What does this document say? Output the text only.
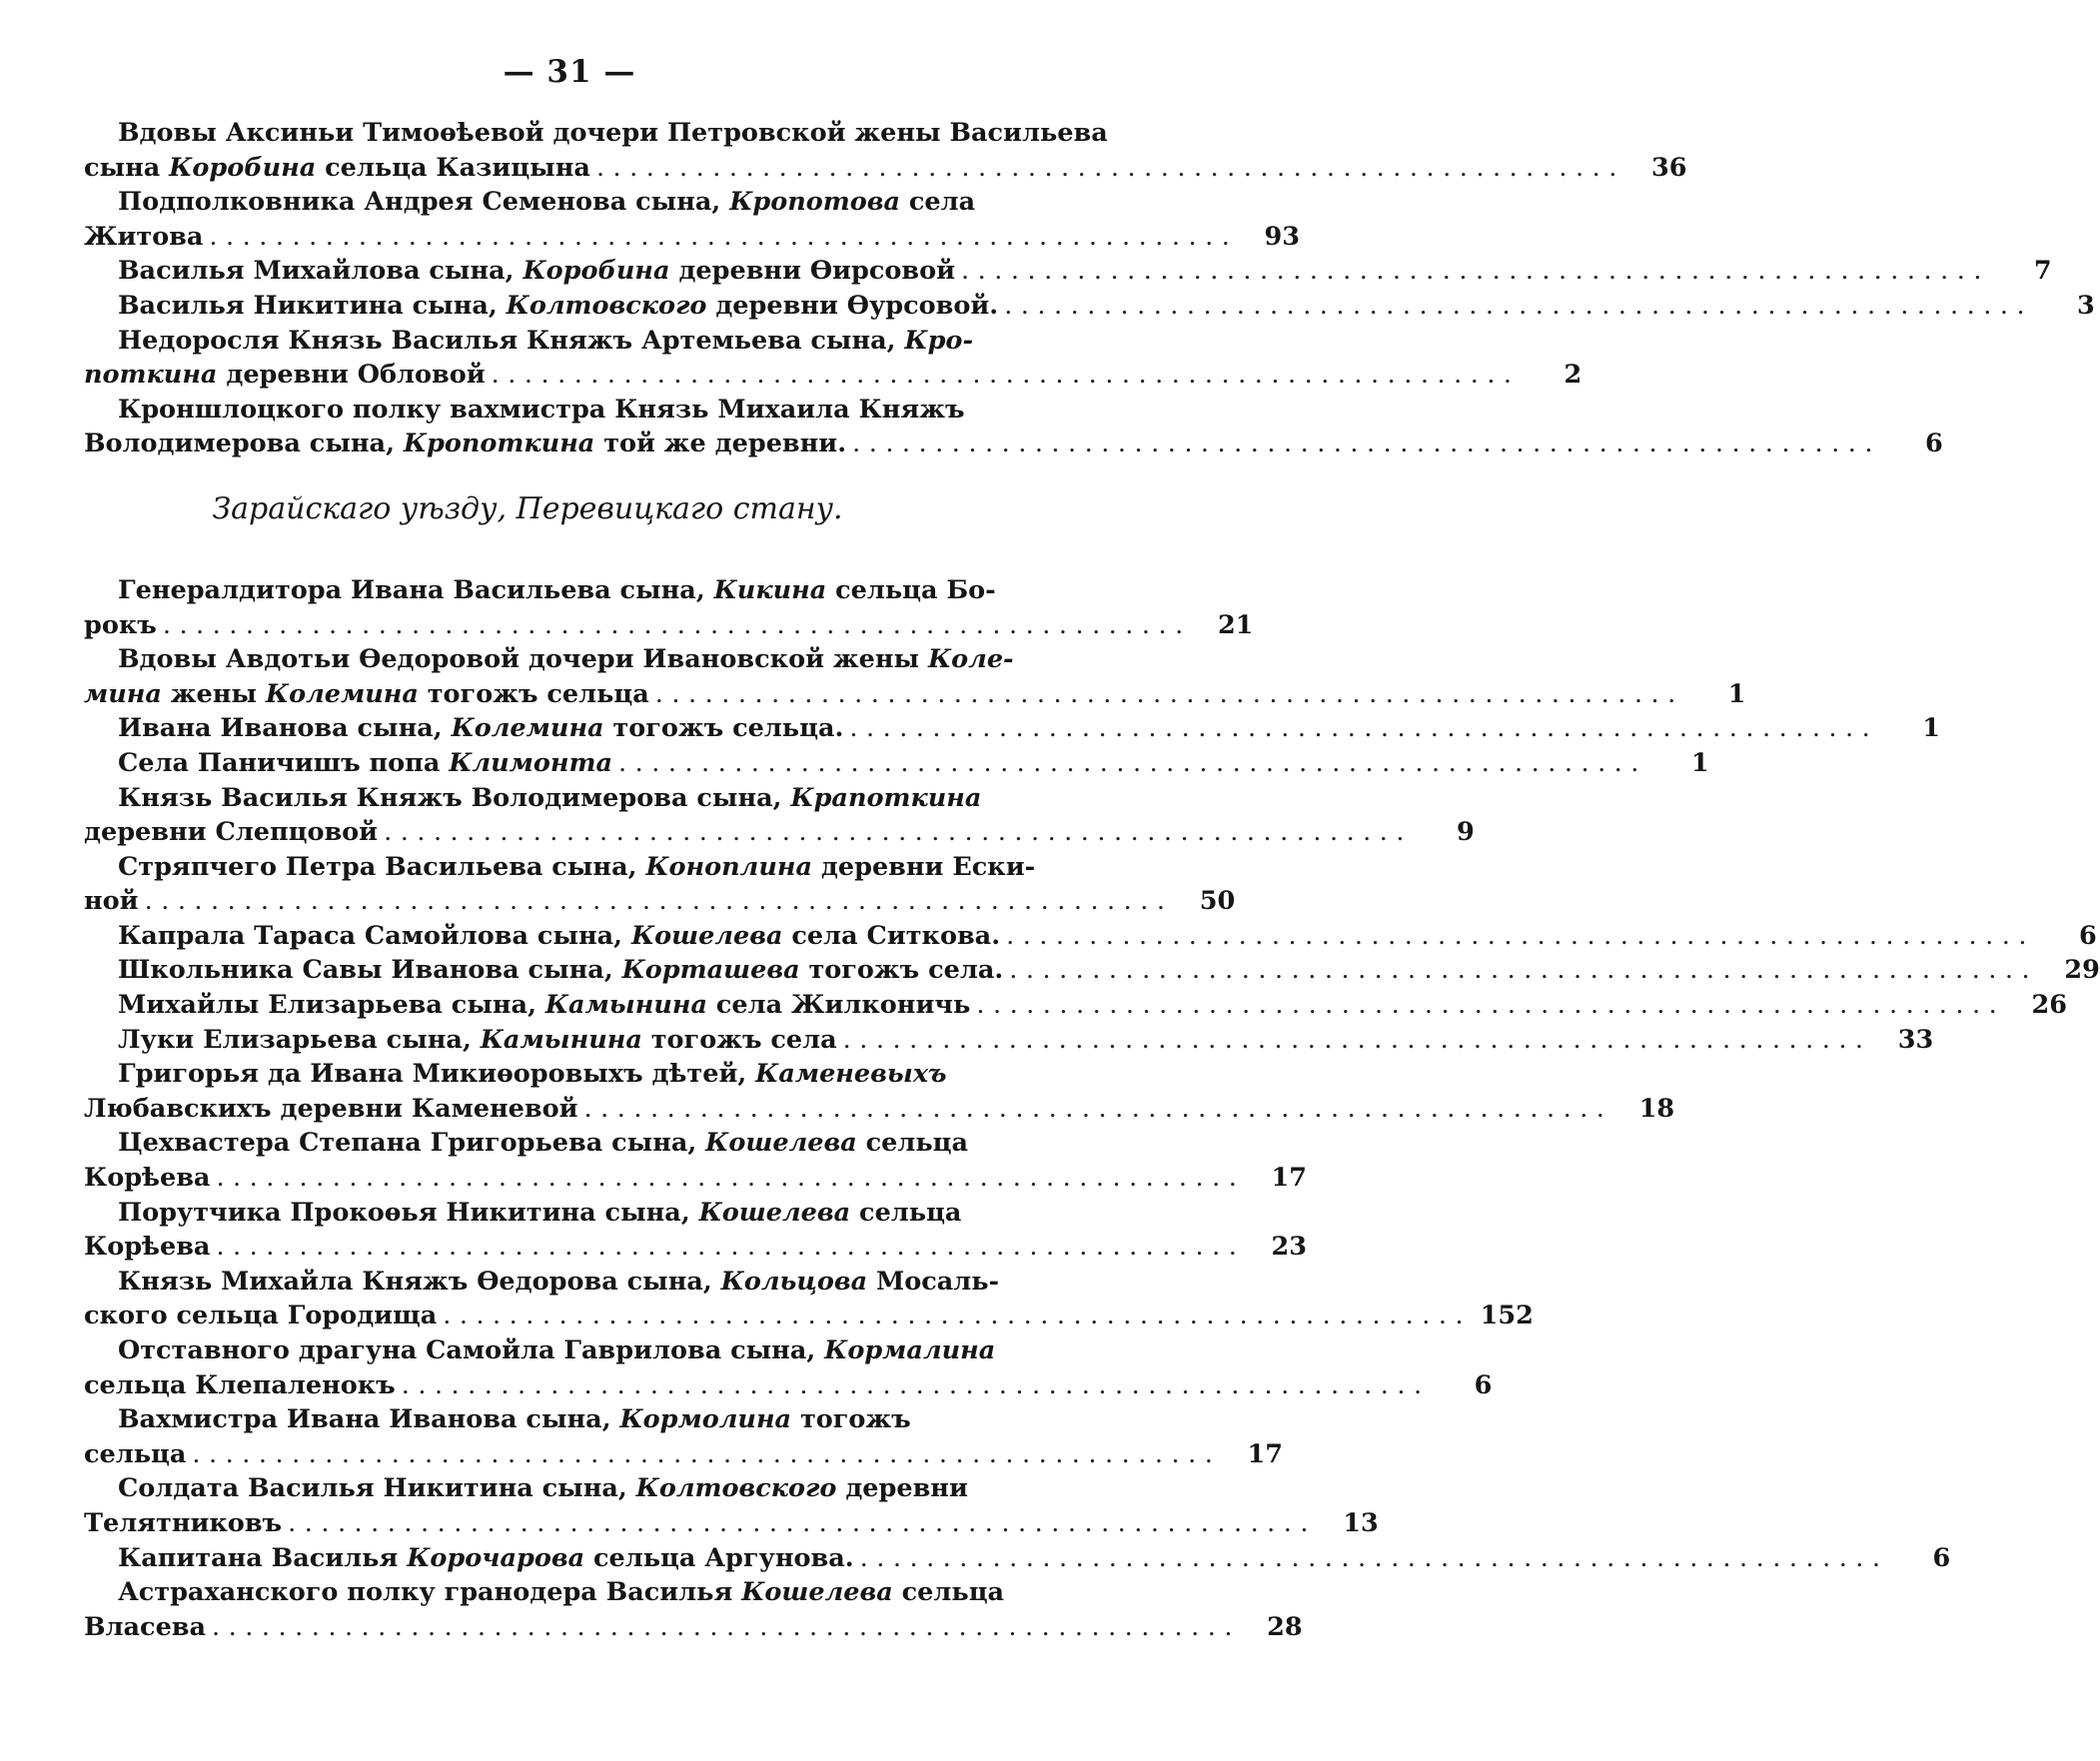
— 31 —
Вдовы Аксиньи Тимоѳѣевой дочери Петровской жены Васильева
сына Коробина сельца Казицына . . . . . . . . . . . . . . . . . . . . . . . . . . . . . . . . . . . . . . . . . . . . . . . . . . . . . . . . . . . . . .	36
Подполковника Андрея Семенова сына, Кропотова села
Житова . . . . . . . . . . . . . . . . . . . . . . . . . . . . . . . . . . . . . . . . . . . . . . . . . . . . . . . . . . . . . .	93
Василья Михайлова сына, Коробина деревни Ѳирсовой . . . . . . . . . . . . . . . . . . . . . . . . . . . . . . . . . . . . . . . . . . . . . . . . . . . . . . . . . . . . . .	7
Василья Никитина сына, Колтовского деревни Ѳурсовой. . . . . . . . . . . . . . . . . . . . . . . . . . . . . . . . . . . . . . . . . . . . . . . . . . . . . . . . . . . . . . .	3
Недоросля Князь Василья Княжъ Артемьева сына, Кро-
поткина деревни Обловой . . . . . . . . . . . . . . . . . . . . . . . . . . . . . . . . . . . . . . . . . . . . . . . . . . . . . . . . . . . . . .	2
Кроншлоцкого полку вахмистра Князь Михаила Княжъ
Володимерова сына, Кропоткина той же деревни. . . . . . . . . . . . . . . . . . . . . . . . . . . . . . . . . . . . . . . . . . . . . . . . . . . . . . . . . . . . . . .	6
Зарайскаго уѣзду, Перевицкаго стану.
Генералдитора Ивана Васильева сына, Кикина сельца Бо-
рокъ . . . . . . . . . . . . . . . . . . . . . . . . . . . . . . . . . . . . . . . . . . . . . . . . . . . . . . . . . . . . . .	21
Вдовы Авдотьи Ѳедоровой дочери Ивановской жены Коле-
мина жены Колемина тогожъ сельца . . . . . . . . . . . . . . . . . . . . . . . . . . . . . . . . . . . . . . . . . . . . . . . . . . . . . . . . . . . . . .	1
Ивана Иванова сына, Колемина тогожъ сельца. . . . . . . . . . . . . . . . . . . . . . . . . . . . . . . . . . . . . . . . . . . . . . . . . . . . . . . . . . . . . . .	1
Села Паничишъ попа Климонта . . . . . . . . . . . . . . . . . . . . . . . . . . . . . . . . . . . . . . . . . . . . . . . . . . . . . . . . . . . . . .	1
Князь Василья Княжъ Володимерова сына, Крапоткина
деревни Слепцовой . . . . . . . . . . . . . . . . . . . . . . . . . . . . . . . . . . . . . . . . . . . . . . . . . . . . . . . . . . . . . .	9
Стряпчего Петра Васильева сына, Коноплина деревни Ески-
ной . . . . . . . . . . . . . . . . . . . . . . . . . . . . . . . . . . . . . . . . . . . . . . . . . . . . . . . . . . . . . .	50
Капрала Тараса Самойлова сына, Кошелева села Ситкова. . . . . . . . . . . . . . . . . . . . . . . . . . . . . . . . . . . . . . . . . . . . . . . . . . . . . . . . . . . . . . .	6
Школьника Савы Иванова сына, Корташева тогожъ села. . . . . . . . . . . . . . . . . . . . . . . . . . . . . . . . . . . . . . . . . . . . . . . . . . . . . . . . . . . . . . .	29
Михайлы Елизарьева сына, Камынина села Жилконичь . . . . . . . . . . . . . . . . . . . . . . . . . . . . . . . . . . . . . . . . . . . . . . . . . . . . . . . . . . . . . .	26
Луки Елизарьева сына, Камынина тогожъ села . . . . . . . . . . . . . . . . . . . . . . . . . . . . . . . . . . . . . . . . . . . . . . . . . . . . . . . . . . . . . .	33
Григорья да Ивана Микиѳоровыхъ дѣтей, Каменевыхъ
Любавскихъ деревни Каменевой . . . . . . . . . . . . . . . . . . . . . . . . . . . . . . . . . . . . . . . . . . . . . . . . . . . . . . . . . . . . . .	18
Цехвастера Степана Григорьева сына, Кошелева сельца
Корѣева . . . . . . . . . . . . . . . . . . . . . . . . . . . . . . . . . . . . . . . . . . . . . . . . . . . . . . . . . . . . . .	17
Порутчика Прокоѳья Никитина сына, Кошелева сельца
Корѣева . . . . . . . . . . . . . . . . . . . . . . . . . . . . . . . . . . . . . . . . . . . . . . . . . . . . . . . . . . . . . .	23
Князь Михайла Княжъ Ѳедорова сына, Кольцова Мосаль-
ского сельца Городища . . . . . . . . . . . . . . . . . . . . . . . . . . . . . . . . . . . . . . . . . . . . . . . . . . . . . . . . . . . . . . 152
Отставного драгуна Самойла Гаврилова сына, Кормалина
сельца Клепаленокъ . . . . . . . . . . . . . . . . . . . . . . . . . . . . . . . . . . . . . . . . . . . . . . . . . . . . . . . . . . . . . .	6
Вахмистра Ивана Иванова сына, Кормолина тогожъ
сельца . . . . . . . . . . . . . . . . . . . . . . . . . . . . . . . . . . . . . . . . . . . . . . . . . . . . . . . . . . . . . .	17
Солдата Василья Никитина сына, Колтовского деревни
Телятниковъ . . . . . . . . . . . . . . . . . . . . . . . . . . . . . . . . . . . . . . . . . . . . . . . . . . . . . . . . . . . . . .	13
Капитана Василья Корочарова сельца Аргунова. . . . . . . . . . . . . . . . . . . . . . . . . . . . . . . . . . . . . . . . . . . . . . . . . . . . . . . . . . . . . . .	6
Астраханского полку гранодера Василья Кошелева сельца
Власева . . . . . . . . . . . . . . . . . . . . . . . . . . . . . . . . . . . . . . . . . . . . . . . . . . . . . . . . . . . . . .	28
